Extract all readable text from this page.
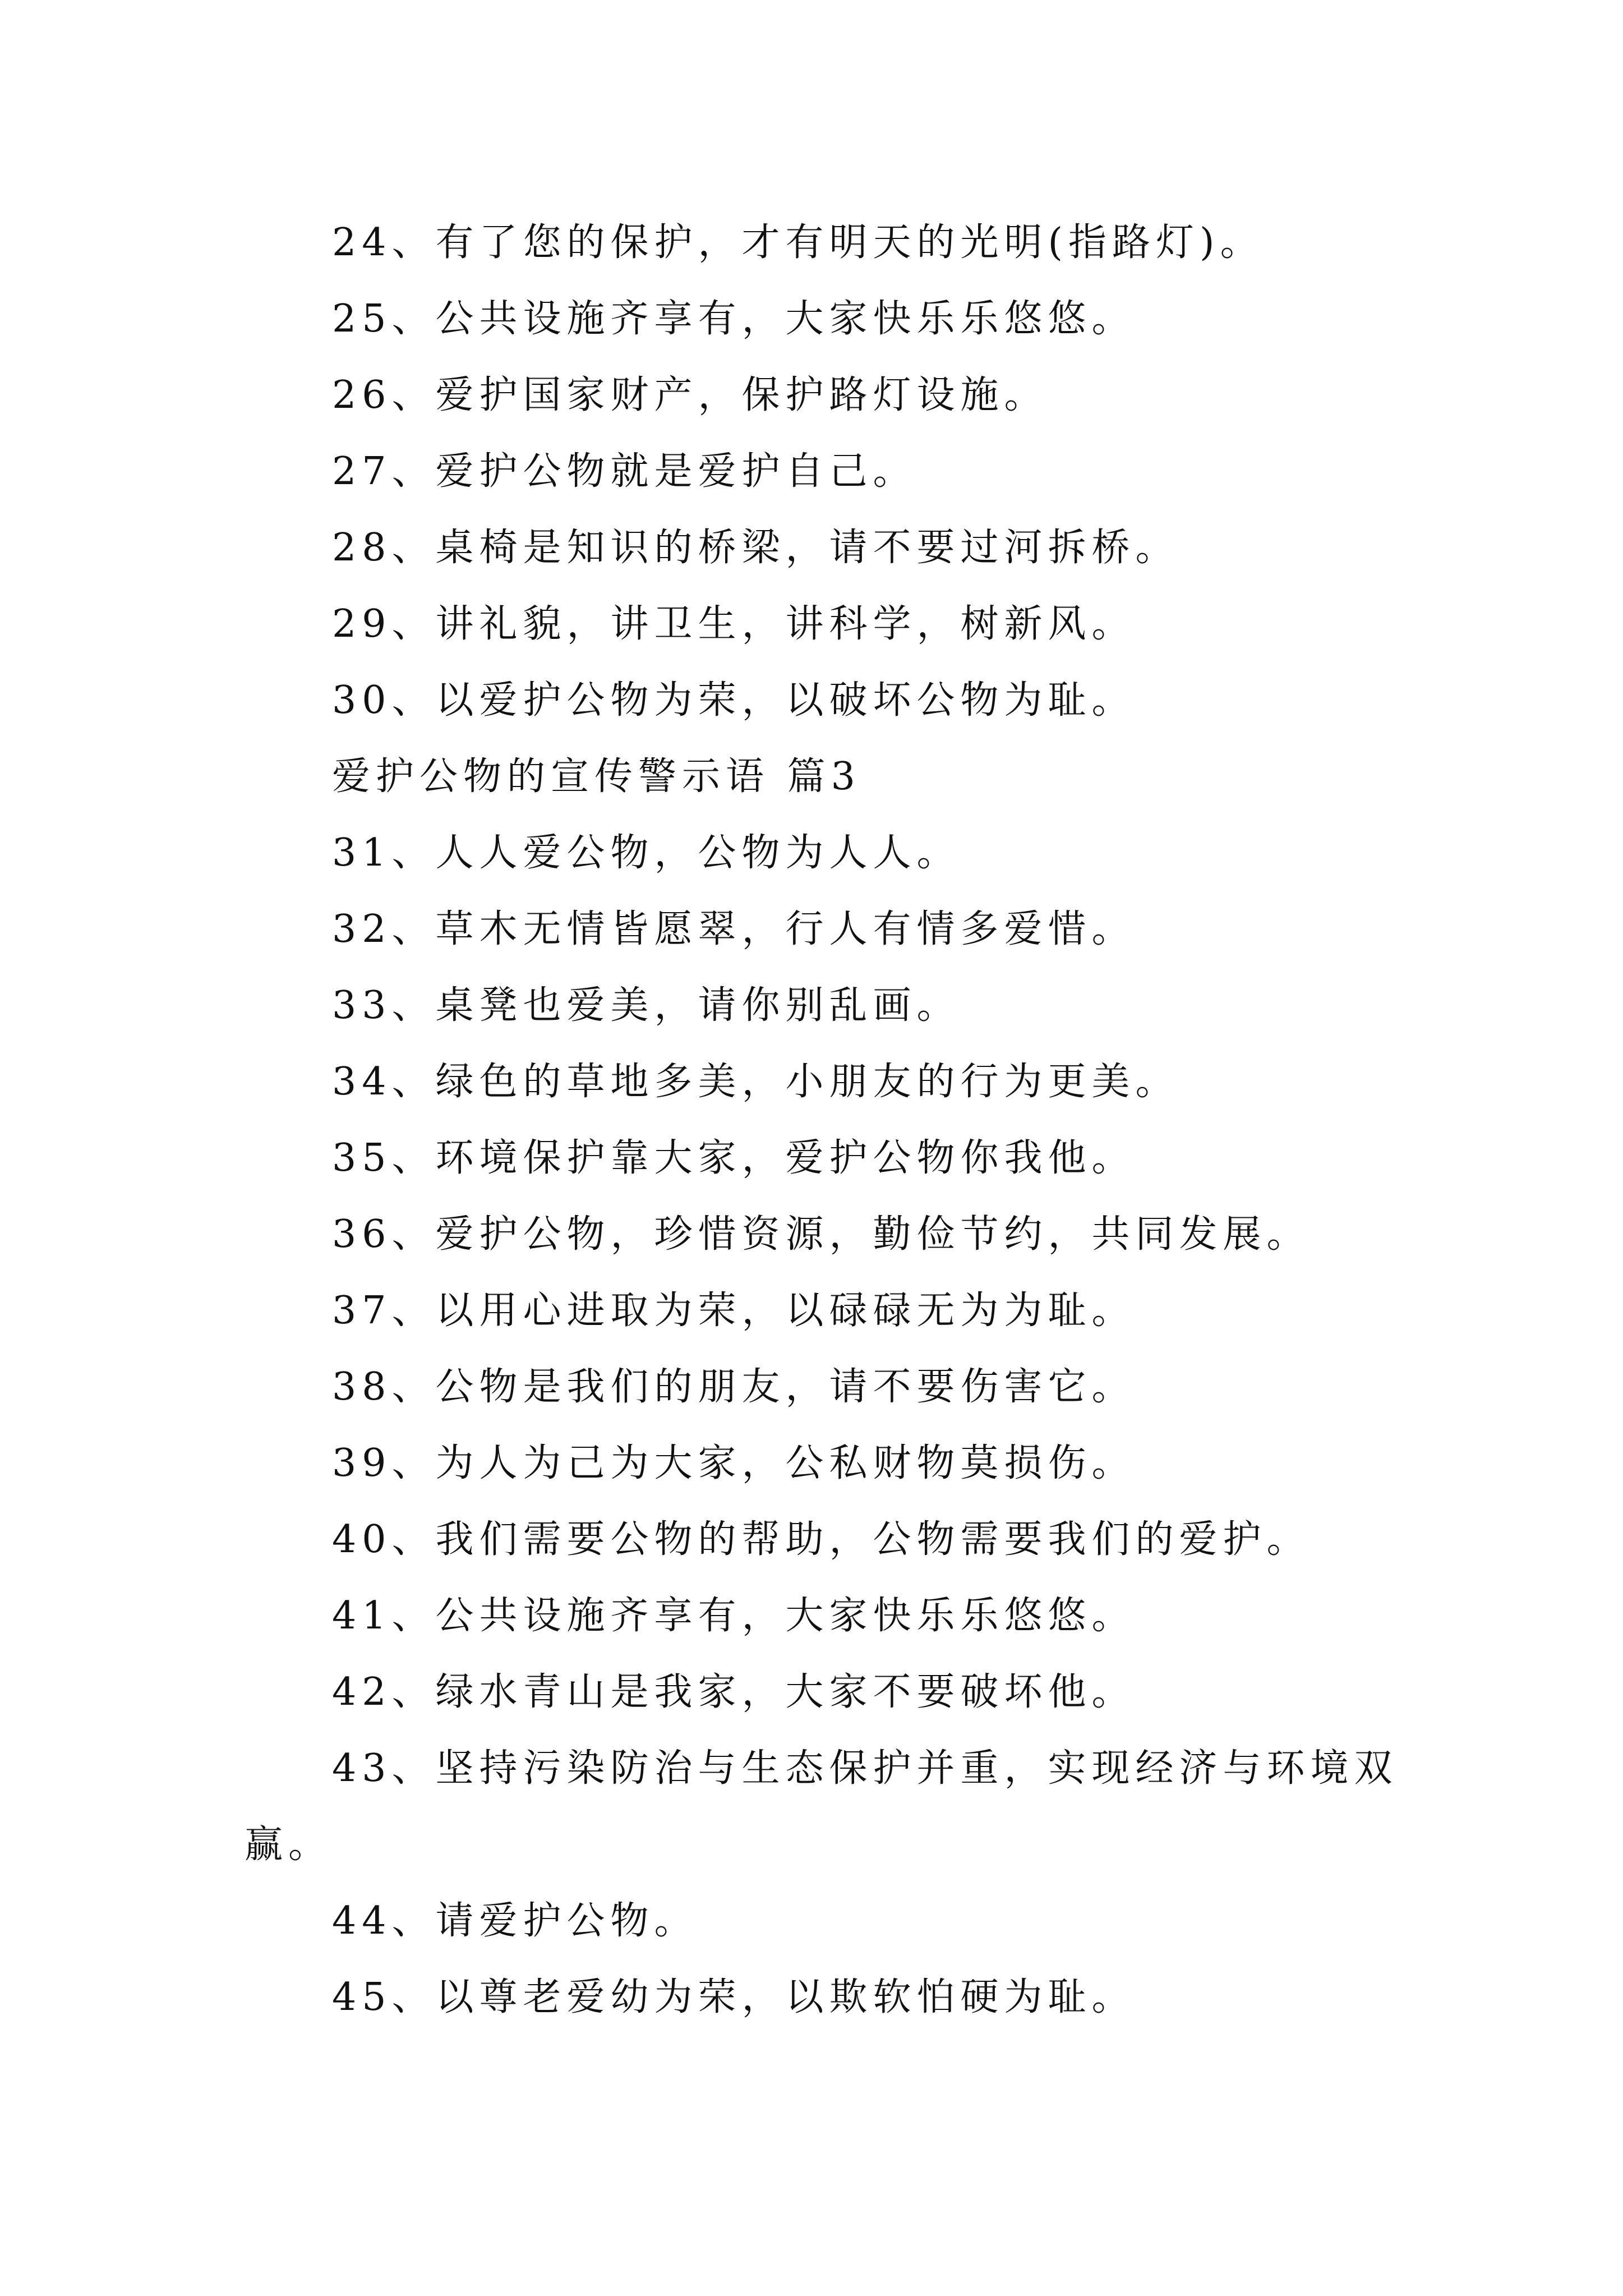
24、有了您的保护，才有明天的光明(指路灯)。
25、公共设施齐享有，大家快乐乐悠悠。
26、爱护国家财产，保护路灯设施。
27、爱护公物就是爱护自己。
28、桌椅是知识的桥梁，请不要过河拆桥。
29、讲礼貌，讲卫生，讲科学，树新风。
30、以爱护公物为荣，以破坏公物为耻。
爱护公物的宣传警示语 篇3
31、人人爱公物，公物为人人。
32、草木无情皆愿翠，行人有情多爱惜。
33、桌凳也爱美，请你别乱画。
34、绿色的草地多美，小朋友的行为更美。
35、环境保护靠大家，爱护公物你我他。
36、爱护公物，珍惜资源，勤俭节约，共同发展。
37、以用心进取为荣，以碌碌无为为耻。
38、公物是我们的朋友，请不要伤害它。
39、为人为己为大家，公私财物莫损伤。
40、我们需要公物的帮助，公物需要我们的爱护。
41、公共设施齐享有，大家快乐乐悠悠。
42、绿水青山是我家，大家不要破坏他。
43、坚持污染防治与生态保护并重，实现经济与环境双
赢。
44、请爱护公物。
45、以尊老爱幼为荣，以欺软怕硬为耻。
